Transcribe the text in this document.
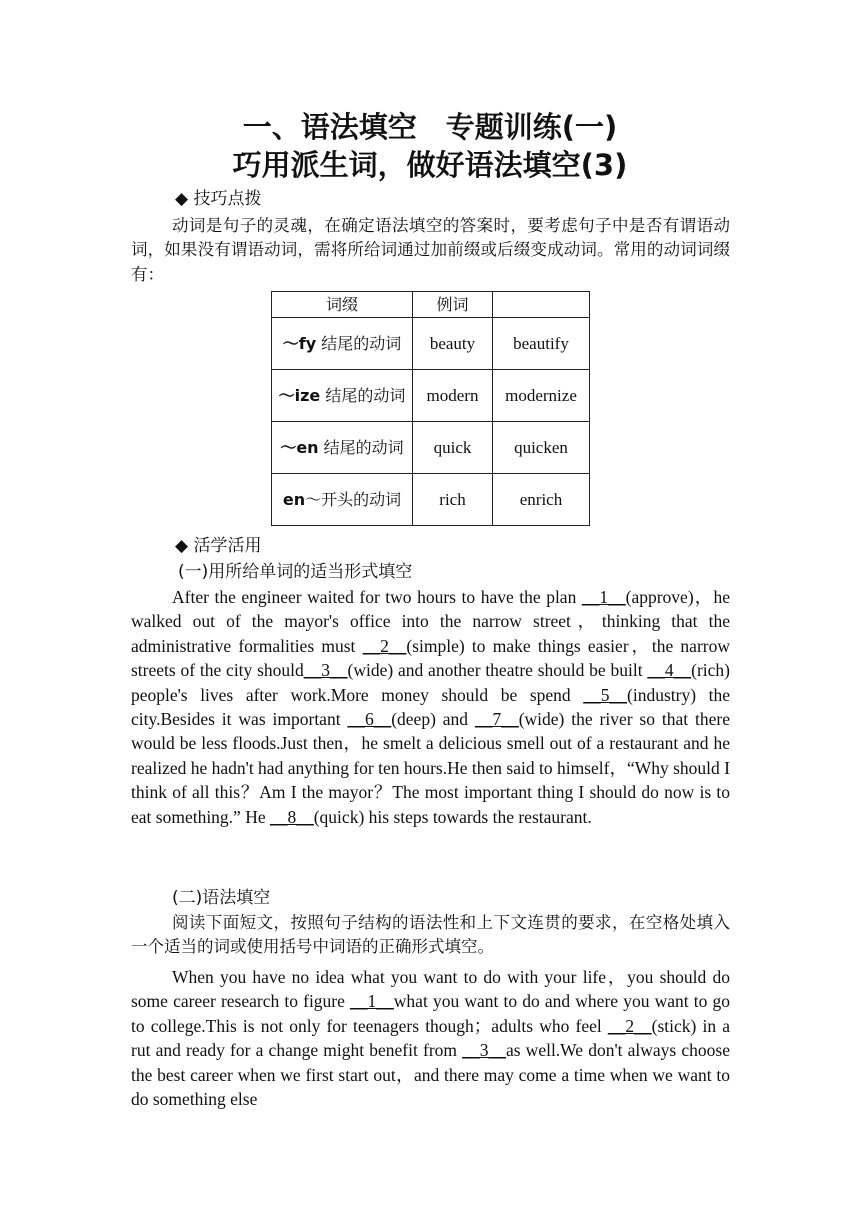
一、语法填空　专题训练(一)
巧用派生词，做好语法填空(3)
◆ 技巧点拨

动词是句子的灵魂，在确定语法填空的答案时，要考虑句子中是否有谓语动词，如果没有谓语动词，需将所给词通过加前缀或后缀变成动词。常用的动词词缀有：

词缀	例词	
～fy 结尾的动词	beauty	beautify
～ize 结尾的动词	modern	modernize
～en 结尾的动词	quick	quicken
en～开头的动词	rich	enrich
◆ 活学活用
(一)用所给单词的适当形式填空

After the engineer waited for two hours to have the plan __1__(approve)，he walked out of the mayor's office into the narrow street，thinking that the administrative formalities must __2__(simple) to make things easier，the narrow streets of the city should__3__(wide) and another theatre should be built __4__(rich) people's lives after work.More money should be spend __5__(industry) the city.Besides it was important __6__(deep) and __7__(wide) the river so that there would be less floods.Just then，he smelt a delicious smell out of a restaurant and he realized he hadn't had anything for ten hours.He then said to himself，“Why should I think of all this？Am I the mayor？The most important thing I should do now is to eat something.” He __8__(quick) his steps towards the restaurant.

(二)语法填空

阅读下面短文，按照句子结构的语法性和上下文连贯的要求，在空格处填入一个适当的词或使用括号中词语的正确形式填空。

When you have no idea what you want to do with your life，you should do some career research to figure __1__what you want to do and where you want to go to college.This is not only for teenagers though；adults who feel __2__(stick) in a rut and ready for a change might benefit from __3__as well.We don't always choose the best career when we first start out，and there may come a time when we want to do something else
